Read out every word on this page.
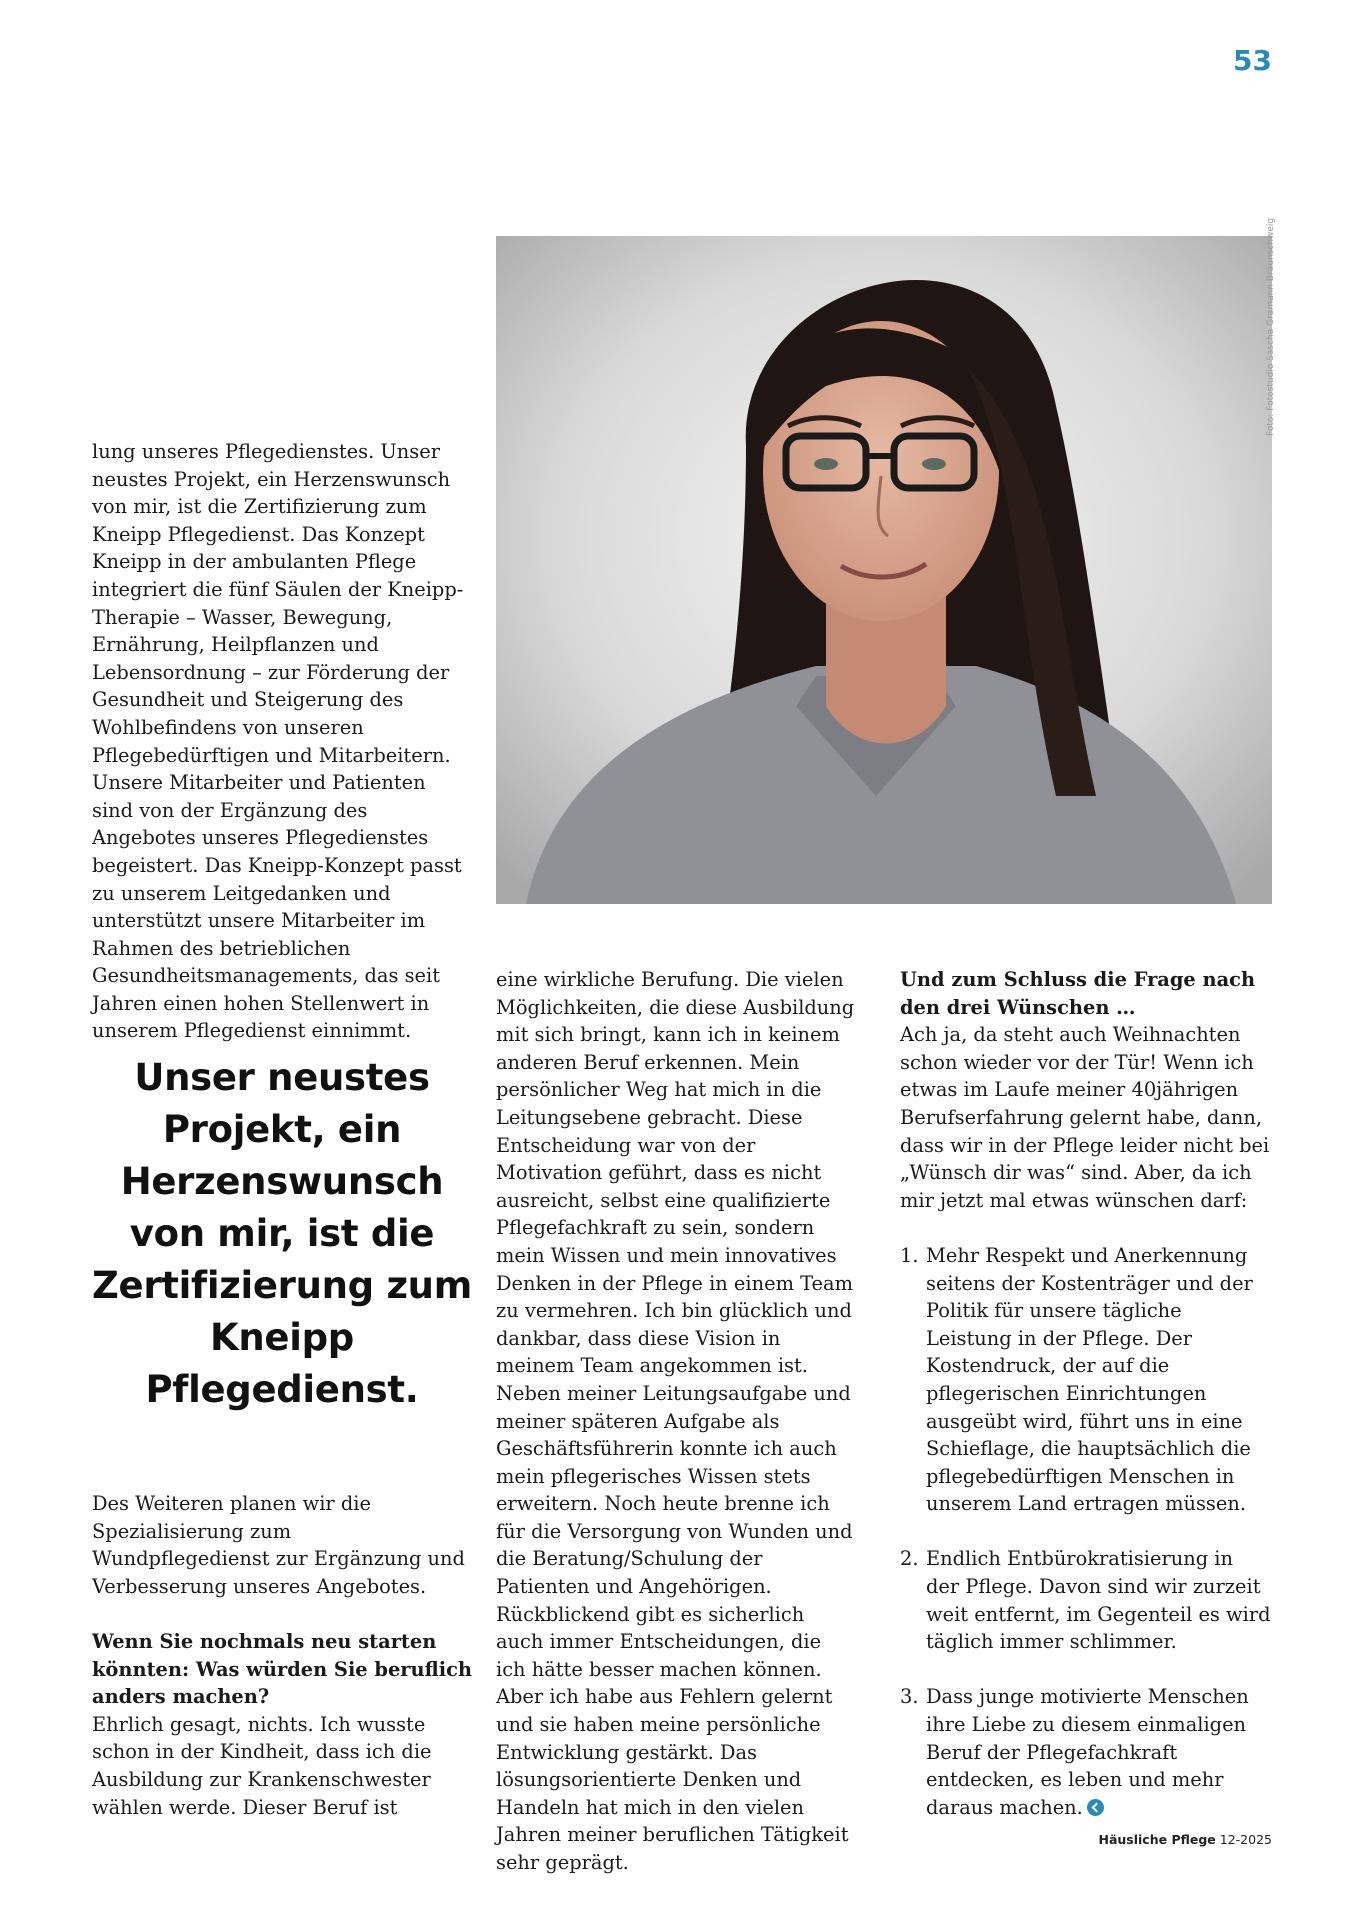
53
Foto: Fotostudio Sascha Gramann Braunschweig

lung unseres Pflegedienstes. Unser neustes Projekt, ein Herzenswunsch von mir, ist die Zertifizierung zum Kneipp Pflegedienst. Das Konzept Kneipp in der ambulanten Pflege integriert die fünf Säulen der Kneipp-Therapie – Wasser, Bewegung, Ernährung, Heilpflanzen und Lebensordnung – zur Förderung der Gesundheit und Steigerung des Wohlbefindens von unseren Pflegebedürftigen und Mitarbeitern. Unsere Mitarbeiter und Patienten sind von der Ergänzung des Angebotes unseres Pflegedienstes begeistert. Das Kneipp-Konzept passt zu unserem Leitgedanken und unterstützt unsere Mitarbeiter im Rahmen des betrieblichen Gesundheitsmanagements, das seit Jahren einen hohen Stellenwert in unserem Pflegedienst einnimmt.

Unser neustes Projekt, ein Herzenswunsch von mir, ist die Zertifizierung zum Kneipp Pflegedienst.
Des Weiteren planen wir die Spezialisierung zum Wundpflegedienst zur Ergänzung und Verbesserung unseres Angebotes.
Wenn Sie nochmals neu starten könnten: Was würden Sie beruflich anders machen?
Ehrlich gesagt, nichts. Ich wusste schon in der Kindheit, dass ich die Ausbildung zur Krankenschwester wählen werde. Dieser Beruf ist
eine wirkliche Berufung. Die vielen Möglichkeiten, die diese Ausbildung mit sich bringt, kann ich in keinem anderen Beruf erkennen. Mein persönlicher Weg hat mich in die Leitungsebene gebracht. Diese Entscheidung war von der Motivation geführt, dass es nicht ausreicht, selbst eine qualifizierte Pflegefachkraft zu sein, sondern mein Wissen und mein innovatives Denken in der Pflege in einem Team zu vermehren. Ich bin glücklich und dankbar, dass diese Vision in meinem Team angekommen ist. Neben meiner Leitungsaufgabe und meiner späteren Aufgabe als Geschäftsführerin konnte ich auch mein pflegerisches Wissen stets erweitern. Noch heute brenne ich für die Versorgung von Wunden und die Beratung/Schulung der Patienten und Angehörigen.
Rückblickend gibt es sicherlich auch immer Entscheidungen, die ich hätte besser machen können. Aber ich habe aus Fehlern gelernt und sie haben meine persönliche Entwicklung gestärkt. Das lösungsorientierte Denken und Handeln hat mich in den vielen Jahren meiner beruflichen Tätigkeit sehr geprägt.
Und zum Schluss die Frage nach den drei Wünschen …
Ach ja, da steht auch Weihnachten schon wieder vor der Tür! Wenn ich etwas im Laufe meiner 40jährigen Berufserfahrung gelernt habe, dann, dass wir in der Pflege leider nicht bei „Wünsch dir was“ sind. Aber, da ich mir jetzt mal etwas wünschen darf:
1. Mehr Respekt und Anerkennung seitens der Kostenträger und der Politik für unsere tägliche Leistung in der Pflege. Der Kostendruck, der auf die pflegerischen Einrichtungen ausgeübt wird, führt uns in eine Schieflage, die hauptsächlich die pflegebedürftigen Menschen in unserem Land ertragen müssen.
2. Endlich Entbürokratisierung in der Pflege. Davon sind wir zurzeit weit entfernt, im Gegenteil es wird täglich immer schlimmer.
3. Dass junge motivierte Menschen ihre Liebe zu diesem einmaligen Beruf der Pflegefachkraft entdecken, es leben und mehr daraus machen.
Häusliche Pflege 12-2025
